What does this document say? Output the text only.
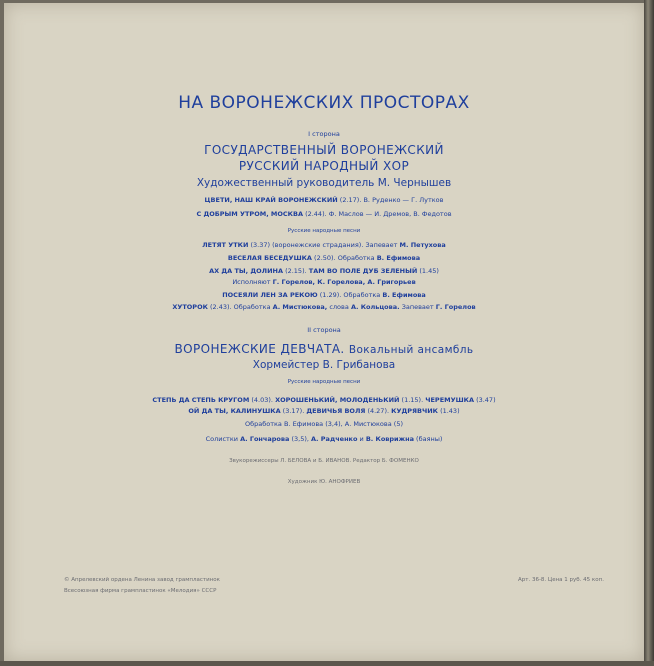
НА ВОРОНЕЖСКИХ ПРОСТОРАХ
I сторона
ГОСУДАРСТВЕННЫЙ ВОРОНЕЖСКИЙ
РУССКИЙ НАРОДНЫЙ ХОР
Художественный руководитель М. Чернышев
ЦВЕТИ, НАШ КРАЙ ВОРОНЕЖСКИЙ (2.17). В. Руденко — Г. Лутков
С ДОБРЫМ УТРОМ, МОСКВА (2.44). Ф. Маслов — И. Дремов, В. Федотов
Русские народные песни
ЛЕТЯТ УТКИ (3.37) (воронежские страдания). Запевает М. Петухова
ВЕСЕЛАЯ БЕСЕДУШКА (2.50). Обработка В. Ефимова
АХ ДА ТЫ, ДОЛИНА (2.15). ТАМ ВО ПОЛЕ ДУБ ЗЕЛЕНЫЙ (1.45)
Исполняют Г. Горелов, К. Горелова, А. Григорьев
ПОСЕЯЛИ ЛЕН ЗА РЕКОЮ (1.29). Обработка В. Ефимова
ХУТОРОК (2.43). Обработка А. Мистюкова, слова А. Кольцова. Запевает Г. Горелов
II сторона
ВОРОНЕЖСКИЕ ДЕВЧАТА. Вокальный ансамбль
Хормейстер В. Грибанова
Русские народные песни
СТЕПЬ ДА СТЕПЬ КРУГОМ (4.03). ХОРОШЕНЬКИЙ, МОЛОДЕНЬКИЙ (1.15). ЧЕРЕМУШКА (3.47)
ОЙ ДА ТЫ, КАЛИНУШКА (3.17). ДЕВИЧЬЯ ВОЛЯ (4.27). КУДРЯВЧИК (1.43)
Обработка В. Ефимова (3,4), А. Мистюкова (5)
Солистки А. Гончарова (3,5), А. Радченко и В. Коврижна (баяны)
Звукорежиссеры Л. БЕЛОВА и Б. ИВАНОВ. Редактор Б. ФОМЕНКО
Художник Ю. АНОФРИЕВ
© Апрелевский ордена Ленина завод грампластинок
Всесоюзная фирма грампластинок «Мелодия» СССР
Арт. 36-8. Цена 1 руб. 45 коп.
